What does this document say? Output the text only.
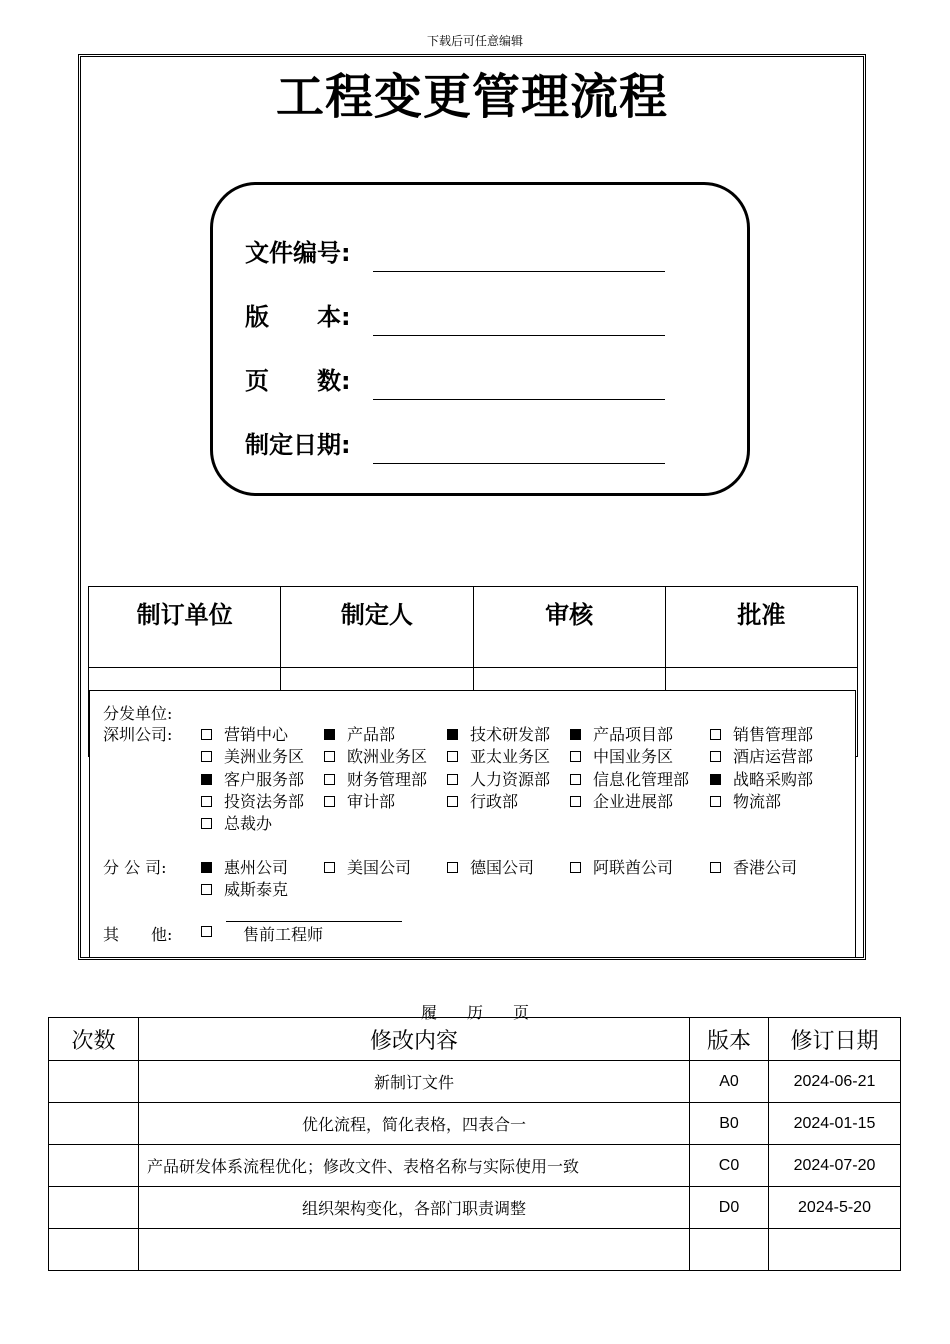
下载后可任意编辑
工程变更管理流程
文件编号:
版　　本:
页　　数:
制定日期:
制订单位	制定人	审核	批准

分发单位:
深圳公司:	营销中心	产品部	技术研发部	产品项目部	销售管理部
美洲业务区	欧洲业务区	亚太业务区	中国业务区	酒店运营部
客户服务部	财务管理部	人力资源部	信息化管理部	战略采购部
投资法务部	审计部	行政部	企业进展部	物流部
总裁办
分 公 司:	惠州公司	美国公司	德国公司	阿联酋公司	香港公司
威斯泰克
其　　他:	售前工程师
履历页
次数	修改内容	版本	修订日期
	新制订文件	A0	2024-06-21
	优化流程，简化表格，四表合一	B0	2024-01-15
	产品研发体系流程优化；修改文件、表格名称与实际使用一致	C0	2024-07-20
	组织架构变化，各部门职责调整	D0	2024-5-20
